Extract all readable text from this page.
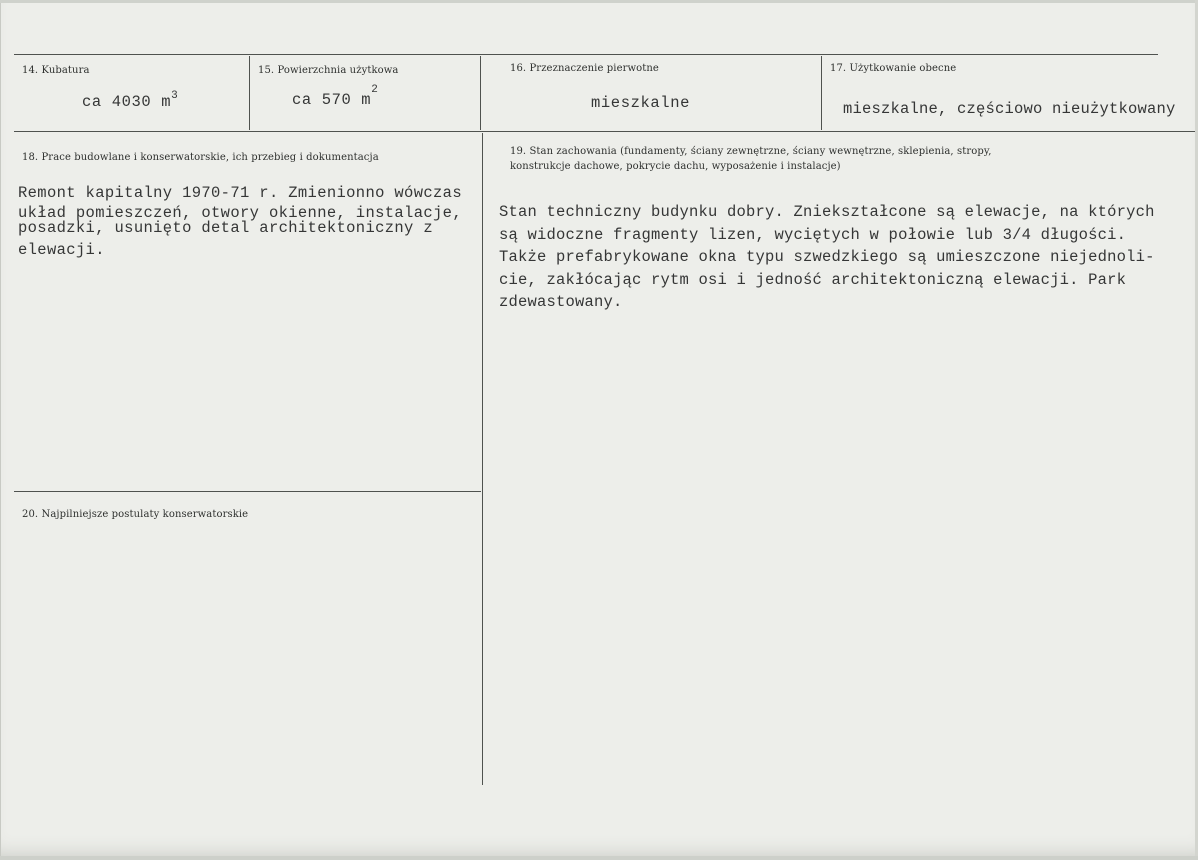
14. Kubatura
ca 4030 $m^3$
15. Powierzchnia użytkowa
ca 570 $m^2$
16. Przeznaczenie pierwotne
mieszkalne
17. Użytkowanie obecne
mieszkalne, częściowo nieużytkowany
18. Prace budowlane i konserwatorskie, ich przebieg i dokumentacja
Remont kapitalny 1970-71 r. Zmienionno wówczas
układ pomieszczeń, otwory okienne, instalacje,
posadzki, usunięto detal architektoniczny z
elewacji.
19. Stan zachowania (fundamenty, ściany zewnętrzne, ściany wewnętrzne, sklepienia, stropy,
konstrukcje dachowe, pokrycie dachu, wyposażenie i instalacje)
Stan techniczny budynku dobry. Zniekształcone są elewacje, na których
są widoczne fragmenty lizen, wyciętych w połowie lub 3/4 długości.
Także prefabrykowane okna typu szwedzkiego są umieszczone niejednoli-
cie, zakłócając rytm osi i jedność architektoniczną elewacji. Park
zdewastowany.
20. Najpilniejsze postulaty konserwatorskie
